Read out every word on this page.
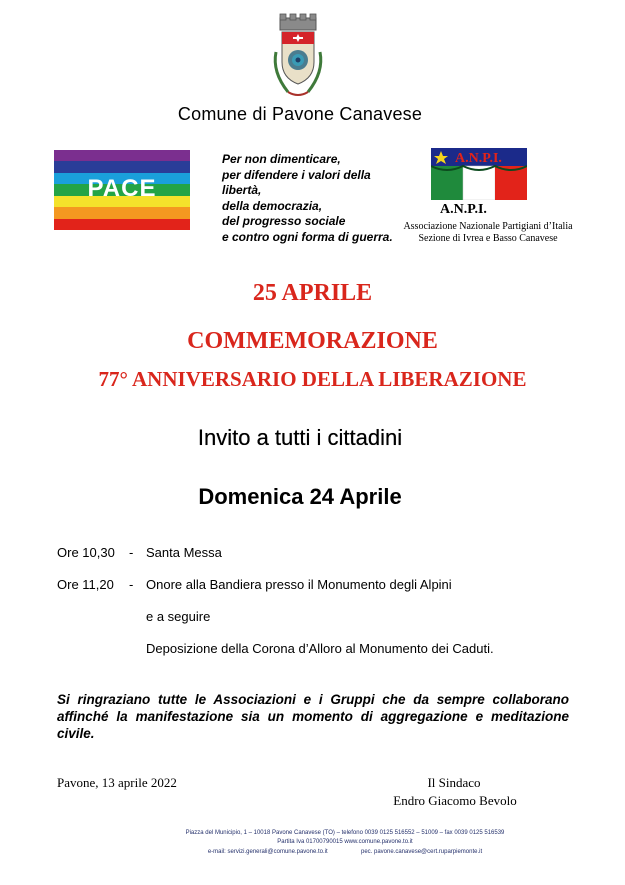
Comune di Pavone Canavese
PACE
Per non dimenticare,
per difendere i valori della libertà,
della democrazia,
del progresso sociale
e contro ogni forma di guerra.
A.N.P.I.
A.N.P.I.
Associazione Nazionale Partigiani d’Italia
Sezione di Ivrea e Basso Canavese
25 APRILE
COMMEMORAZIONE
77° ANNIVERSARIO DELLA LIBERAZIONE
Invito a tutti i cittadini
Domenica 24 Aprile
Ore 10,30 - Santa Messa
Ore 11,20 - Onore alla Bandiera presso il Monumento degli Alpini
e a seguire
Deposizione della Corona d’Alloro al Monumento dei Caduti.
Si ringraziano tutte le Associazioni e i Gruppi che da sempre collaborano affinché la manifestazione sia un momento di aggregazione e meditazione civile.
Pavone, 13 aprile 2022	Il Sindaco
Endro Giacomo Bevolo
Piazza del Municipio, 1 – 10018 Pavone Canavese (TO) – telefono 0039 0125 516552 – 51009 – fax 0039 0125 516539
Partita Iva 01700790015 www.comune.pavone.to.it
e-mail: servizi.generali@comune.pavone.to.it	pec. pavone.canavese@cert.ruparpiemonte.it
